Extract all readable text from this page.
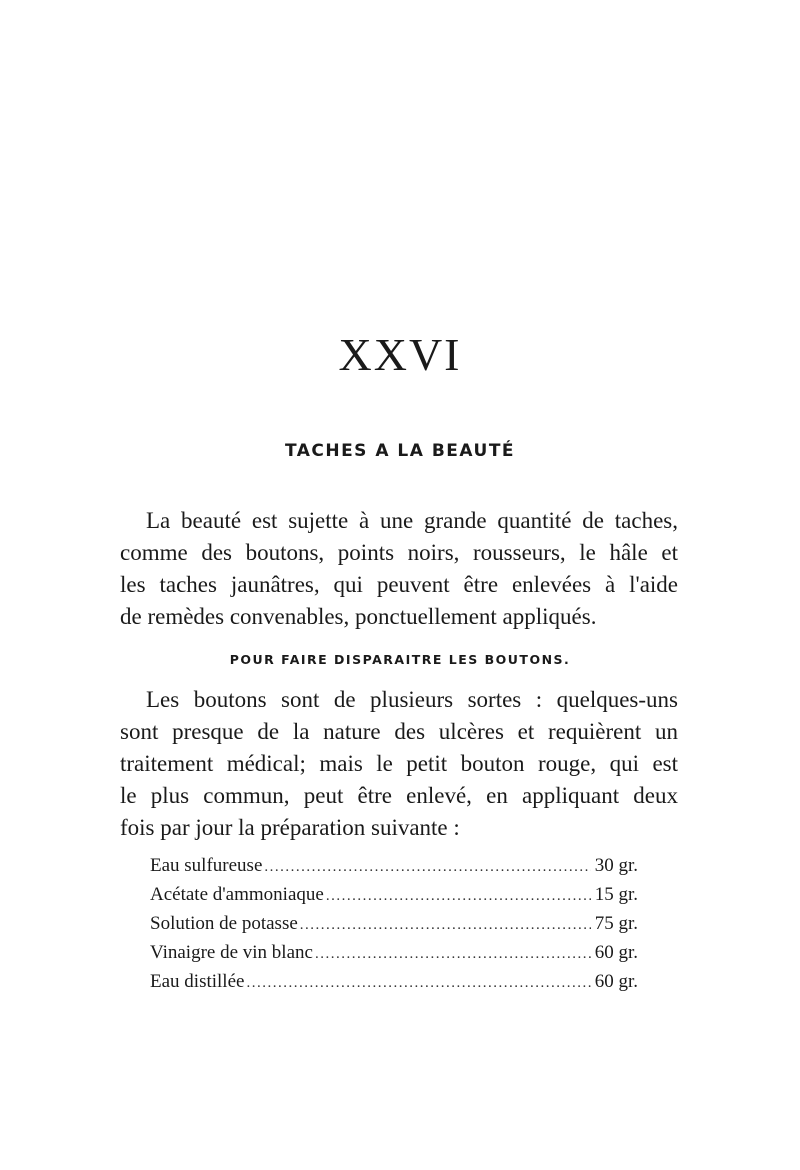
XXVI
TACHES A LA BEAUTÉ

La beauté est sujette à une grande quantité de taches,
comme des boutons, points noirs, rousseurs, le hâle et
les taches jaunâtres, qui peuvent être enlevées à l'aide
de remèdes convenables, ponctuellement appliqués.

POUR FAIRE DISPARAITRE LES BOUTONS.

Les boutons sont de plusieurs sortes : quelques-uns
sont presque de la nature des ulcères et requièrent un
traitement médical; mais le petit bouton rouge, qui est
le plus commun, peut être enlevé, en appliquant deux
fois par jour la préparation suivante :

Eau sulfureuse .....	30 gr.
Acétate d'ammoniaque .....	15 gr.
Solution de potasse .....	75 gr.
Vinaigre de vin blanc .....	60 gr.
Eau distillée .....	60 gr.
